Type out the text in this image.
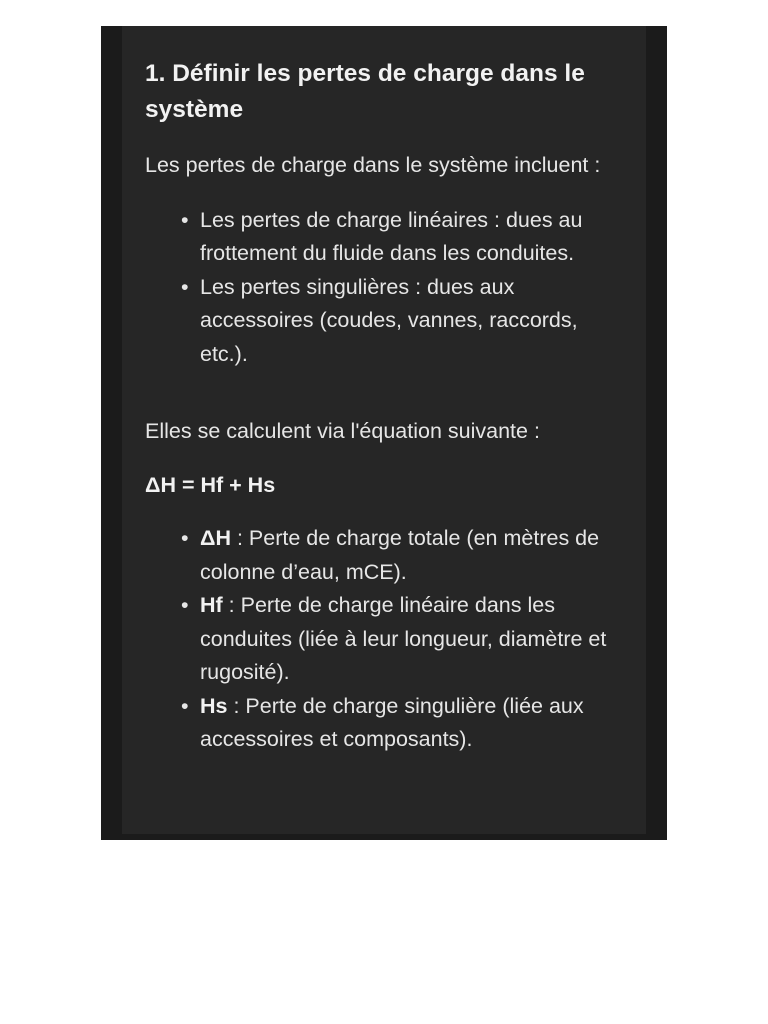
1. Définir les pertes de charge dans le système

Les pertes de charge dans le système incluent :

• Les pertes de charge linéaires : dues au frottement du fluide dans les conduites.
• Les pertes singulières : dues aux accessoires (coudes, vannes, raccords, etc.).

Elles se calculent via l'équation suivante :

ΔH = Hf + Hs

• ΔH : Perte de charge totale (en mètres de colonne d’eau, mCE).
• Hf : Perte de charge linéaire dans les conduites (liée à leur longueur, diamètre et rugosité).
• Hs : Perte de charge singulière (liée aux accessoires et composants).
